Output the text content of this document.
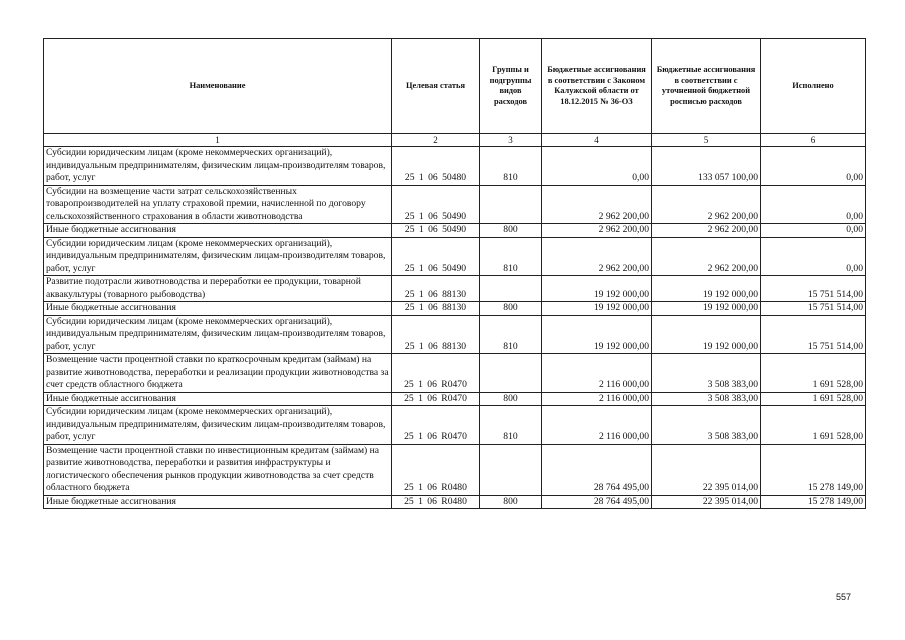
Наименование	Целевая статья	Группы и подгруппы видов расходов	Бюджетные ассигнования в соответствии с Законом Калужской области от 18.12.2015 № 36-ОЗ	Бюджетные ассигнования в соответствии с уточненной бюджетной росписью расходов	Исполнено
1	2	3	4	5	6
Субсидии юридическим лицам (кроме некоммерческих организаций), индивидуальным предпринимателям, физическим лицам-производителям товаров, работ, услуг	25 1 06 50480	810	0,00	133 057 100,00	0,00
Субсидии на возмещение части затрат сельскохозяйственных товаропроизводителей на уплату страховой премии, начисленной по договору сельскохозяйственного страхования в области животноводства	25 1 06 50490		2 962 200,00	2 962 200,00	0,00
Иные бюджетные ассигнования	25 1 06 50490	800	2 962 200,00	2 962 200,00	0,00
Субсидии юридическим лицам (кроме некоммерческих организаций), индивидуальным предпринимателям, физическим лицам-производителям товаров, работ, услуг	25 1 06 50490	810	2 962 200,00	2 962 200,00	0,00
Развитие подотрасли животноводства и переработки ее продукции, товарной аквакультуры (товарного рыбоводства)	25 1 06 88130		19 192 000,00	19 192 000,00	15 751 514,00
Иные бюджетные ассигнования	25 1 06 88130	800	19 192 000,00	19 192 000,00	15 751 514,00
Субсидии юридическим лицам (кроме некоммерческих организаций), индивидуальным предпринимателям, физическим лицам-производителям товаров, работ, услуг	25 1 06 88130	810	19 192 000,00	19 192 000,00	15 751 514,00
Возмещение части процентной ставки по краткосрочным кредитам (займам) на развитие животноводства, переработки и реализации продукции животноводства за счет средств областного бюджета	25 1 06 R0470		2 116 000,00	3 508 383,00	1 691 528,00
Иные бюджетные ассигнования	25 1 06 R0470	800	2 116 000,00	3 508 383,00	1 691 528,00
Субсидии юридическим лицам (кроме некоммерческих организаций), индивидуальным предпринимателям, физическим лицам-производителям товаров, работ, услуг	25 1 06 R0470	810	2 116 000,00	3 508 383,00	1 691 528,00
Возмещение части процентной ставки по инвестиционным кредитам (займам) на развитие животноводства, переработки и развития инфраструктуры и логистического обеспечения рынков продукции животноводства за счет средств областного бюджета	25 1 06 R0480		28 764 495,00	22 395 014,00	15 278 149,00
Иные бюджетные ассигнования	25 1 06 R0480	800	28 764 495,00	22 395 014,00	15 278 149,00
557
